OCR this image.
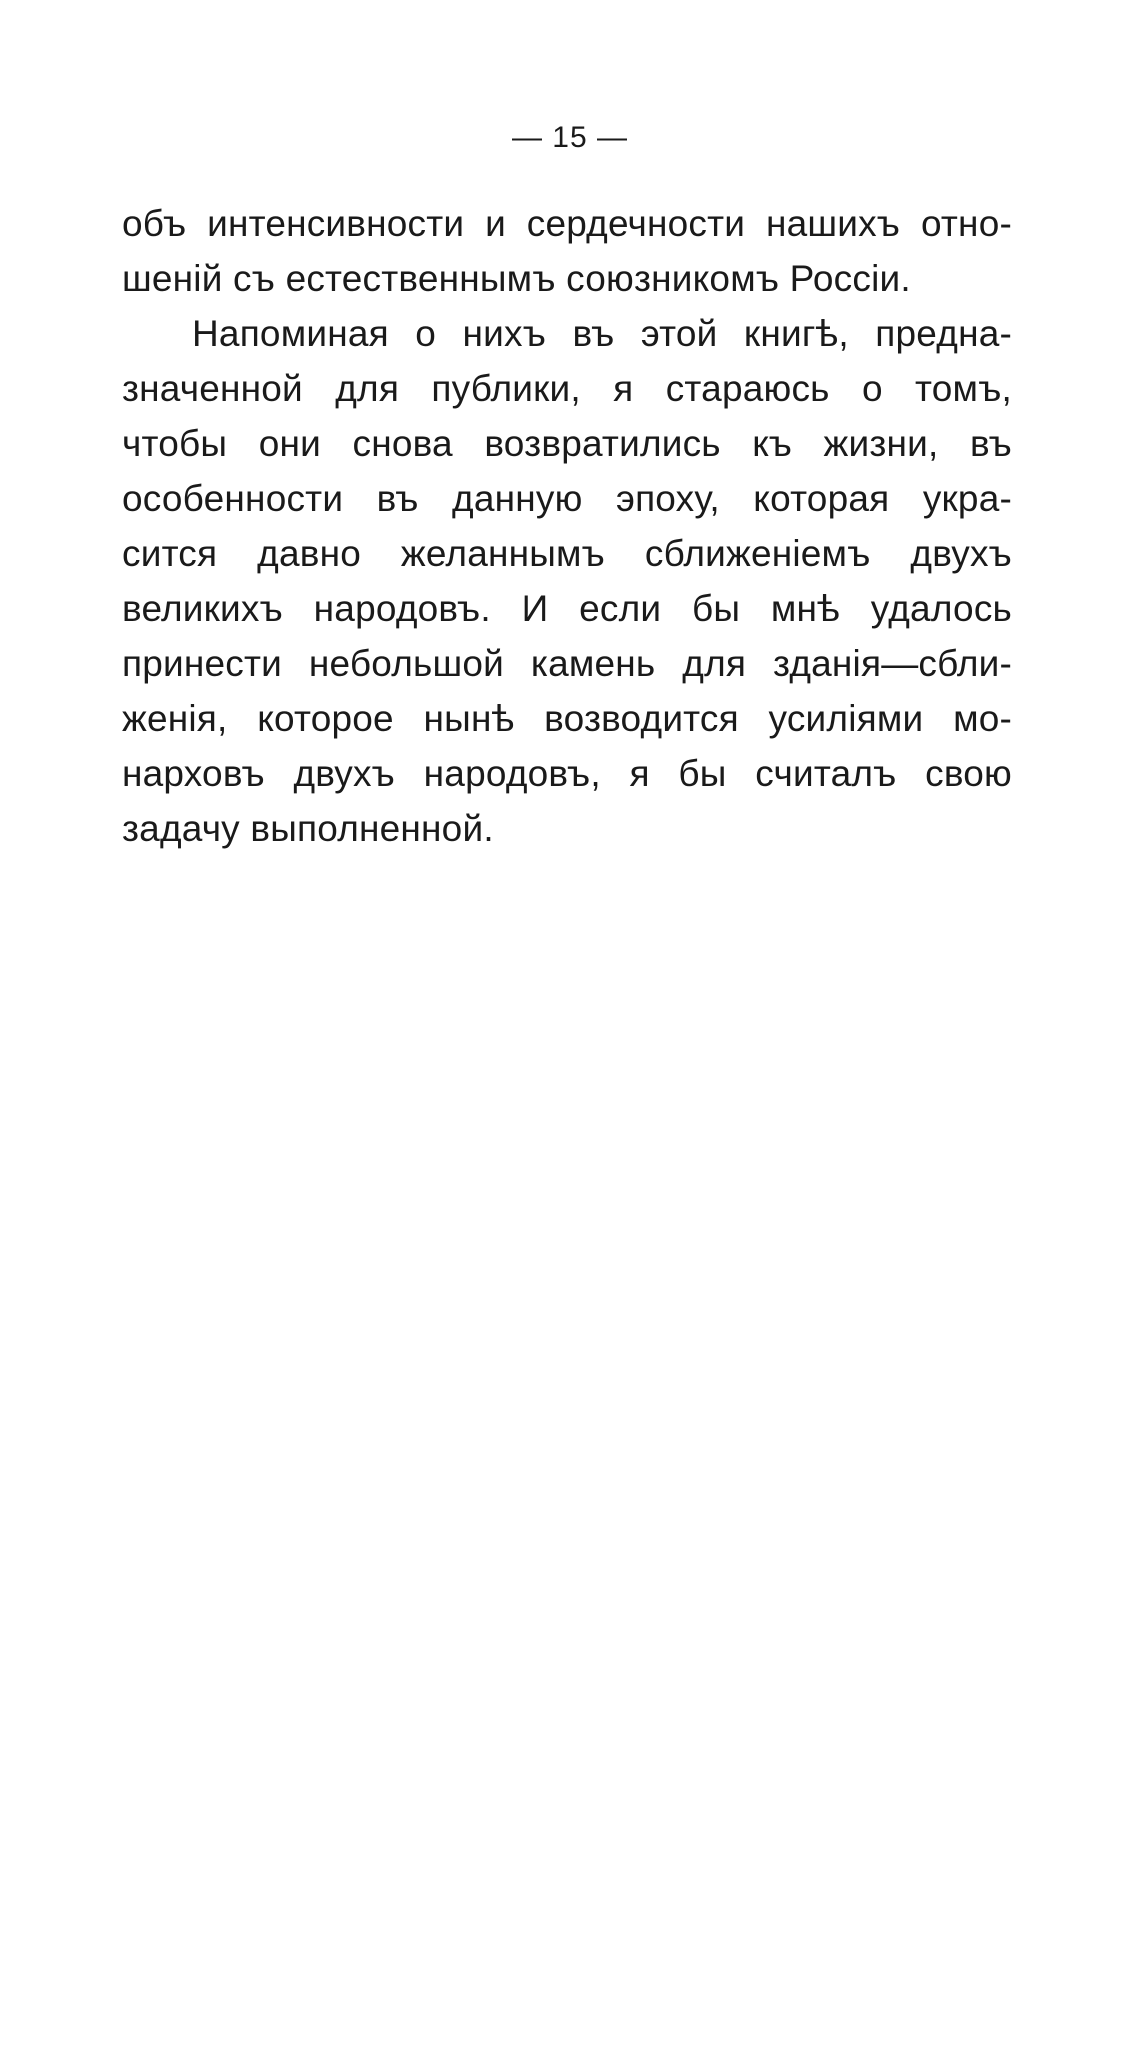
— 15 —
объ интенсивности и сердечности нашихъ отно-
шенiй съ естественнымъ союзникомъ Россiи.
Напоминая о нихъ въ этой книгѣ, предна-
значенной для публики, я стараюсь о томъ,
чтобы они снова возвратились къ жизни, въ
особенности въ данную эпоху, которая укра-
сится давно желаннымъ сближенiемъ двухъ
великихъ народовъ. И если бы мнѣ удалось
принести небольшой камень для зданiя—сбли-
женiя, которое нынѣ возводится усилiями мо-
нарховъ двухъ народовъ, я бы считалъ свою
задачу выполненной.
